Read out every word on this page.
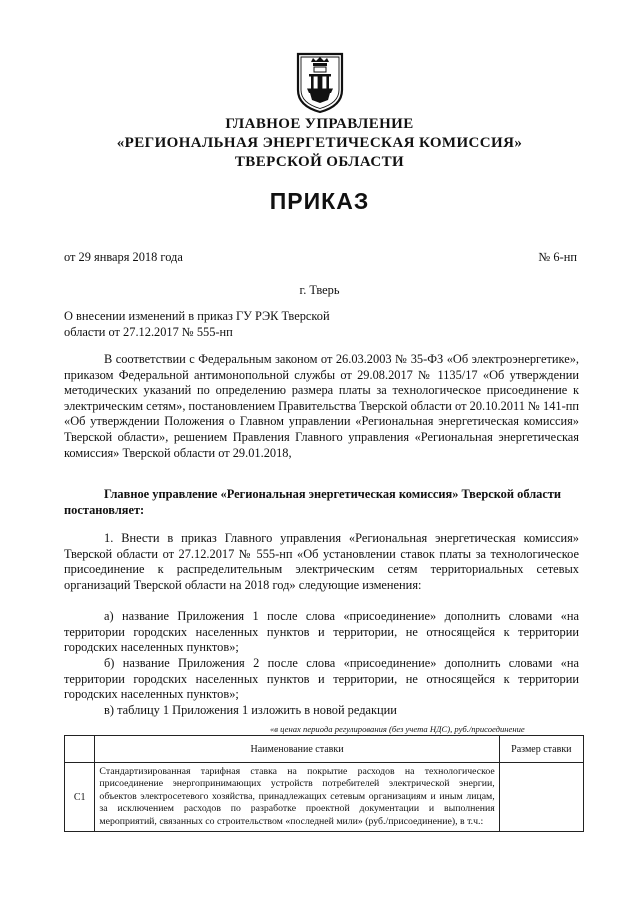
ГЛАВНОЕ УПРАВЛЕНИЕ
«РЕГИОНАЛЬНАЯ ЭНЕРГЕТИЧЕСКАЯ КОМИССИЯ»
ТВЕРСКОЙ ОБЛАСТИ
ПРИКАЗ
от 29 января 2018 года	№ 6-нп
г. Тверь
О внесении изменений в приказ ГУ РЭК Тверской
области от 27.12.2017 № 555-нп
В соответствии с Федеральным законом от 26.03.2003 № 35-ФЗ «Об электроэнергетике», приказом Федеральной антимонопольной службы от 29.08.2017 № 1135/17 «Об утверждении методических указаний по определению размера платы за технологическое присоединение к электрическим сетям», постановлением Правительства Тверской области от 20.10.2011 № 141-пп «Об утверждении Положения о Главном управлении «Региональная энергетическая комиссия» Тверской области», решением Правления Главного управления «Региональная энергетическая комиссия» Тверской области от 29.01.2018,
Главное управление «Региональная энергетическая комиссия» Тверской области
постановляет:
1. Внести в приказ Главного управления «Региональная энергетическая комиссия» Тверской области от 27.12.2017 № 555-нп «Об установлении ставок платы за технологическое присоединение к распределительным электрическим сетям территориальных сетевых организаций Тверской области на 2018 год» следующие изменения:
а) название Приложения 1 после слова «присоединение» дополнить словами «на территории городских населенных пунктов и территории, не относящейся к территории городских населенных пунктов»;
б) название Приложения 2 после слова «присоединение» дополнить словами «на территории городских населенных пунктов и территории, не относящейся к территории городских населенных пунктов»;
в) таблицу 1 Приложения 1 изложить в новой редакции
«в ценах периода регулирования (без учета НДС), руб./присоединение
	Наименование ставки	Размер ставки
С1	Стандартизированная тарифная ставка на покрытие расходов на технологическое присоединение энергопринимающих устройств потребителей электрической энергии, объектов электросетевого хозяйства, принадлежащих сетевым организациям и иным лицам, за исключением расходов по разработке проектной документации и выполнения мероприятий, связанных со строительством «последней мили» (руб./присоединение), в т.ч.:	
